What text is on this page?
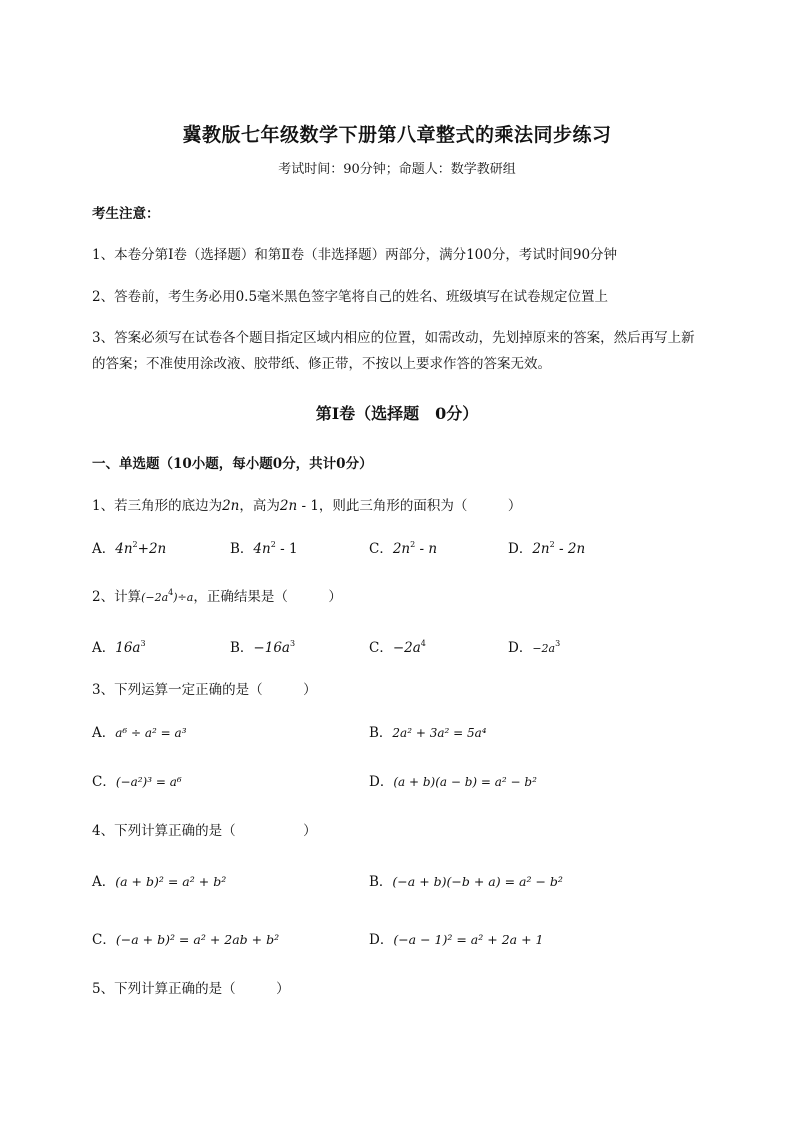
冀教版七年级数学下册第八章整式的乘法同步练习
考试时间：90分钟；命题人：数学教研组
考生注意：
1、本卷分第I卷（选择题）和第Ⅱ卷（非选择题）两部分，满分100分，考试时间90分钟
2、答卷前，考生务必用0.5毫米黑色签字笔将自己的姓名、班级填写在试卷规定位置上
3、答案必须写在试卷各个题目指定区域内相应的位置，如需改动，先划掉原来的答案，然后再写上新
的答案；不准使用涂改液、胶带纸、修正带，不按以上要求作答的答案无效。
第I卷（选择题　0分）
一、单选题（10小题，每小题0分，共计0分）
1、若三角形的底边为2n，高为2n - 1，则此三角形的面积为（　　　）
A．$4n^2+2n$	B．$4n^2 - 1$	C．$2n^2$ - n	D．$2n^2 - 2n$
2、计算$(-2a^4)\div a$，正确结果是（　　　）
A．$16a^3$	B．$-16a^3$	C．$-2a^4$	D．$-2a^3$
3、下列运算一定正确的是（　　　）
A．a⁶ ÷ a² = a³	B．2a² + 3a² = 5a⁴
C．(−a²)³ = a⁶	D．(a + b)(a − b) = a² − b²
4、下列计算正确的是（　　　　　）
A．(a + b)² = a² + b²	B．(−a + b)(−b + a) = a² − b²
C．(−a + b)² = a² + 2ab + b²	D．(−a − 1)² = a² + 2a + 1
5、下列计算正确的是（　　　）
